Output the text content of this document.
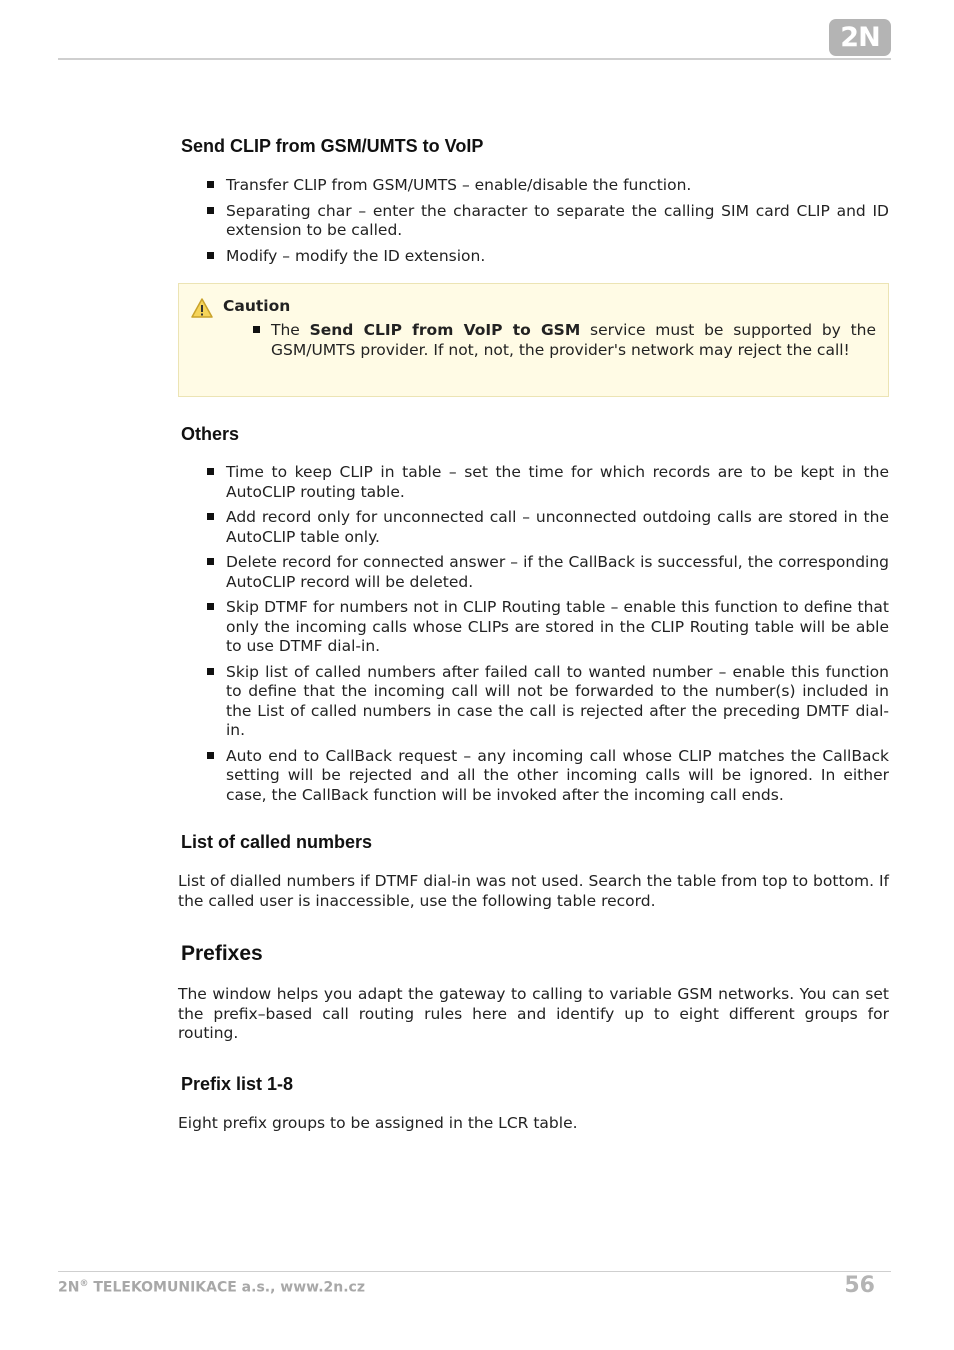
2N
Send CLIP from GSM/UMTS to VoIP
Transfer CLIP from GSM/UMTS – enable/disable the function.
Separating char – enter the character to separate the calling SIM card CLIP and ID extension to be called.
Modify – modify the ID extension.
Caution
The Send CLIP from VoIP to GSM service must be supported by the GSM/UMTS provider. If not, not, the provider's network may reject the call!
Others
Time to keep CLIP in table – set the time for which records are to be kept in the AutoCLIP routing table.
Add record only for unconnected call – unconnected outdoing calls are stored in the AutoCLIP table only.
Delete record for connected answer – if the CallBack is successful, the corresponding AutoCLIP record will be deleted.
Skip DTMF for numbers not in CLIP Routing table – enable this function to define that only the incoming calls whose CLIPs are stored in the CLIP Routing table will be able to use DTMF dial-in.
Skip list of called numbers after failed call to wanted number – enable this function to define that the incoming call will not be forwarded to the number(s) included in the List of called numbers in case the call is rejected after the preceding DMTF dial-in.
Auto end to CallBack request – any incoming call whose CLIP matches the CallBack setting will be rejected and all the other incoming calls will be ignored. In either case, the CallBack function will be invoked after the incoming call ends.
List of called numbers

List of dialled numbers if DTMF dial-in was not used. Search the table from top to bottom. If the called user is inaccessible, use the following table record.

Prefixes

The window helps you adapt the gateway to calling to variable GSM networks. You can set the prefix–based call routing rules here and identify up to eight different groups for routing.

Prefix list 1-8

Eight prefix groups to be assigned in the LCR table.

2N® TELEKOMUNIKACE a.s., www.2n.cz	56
